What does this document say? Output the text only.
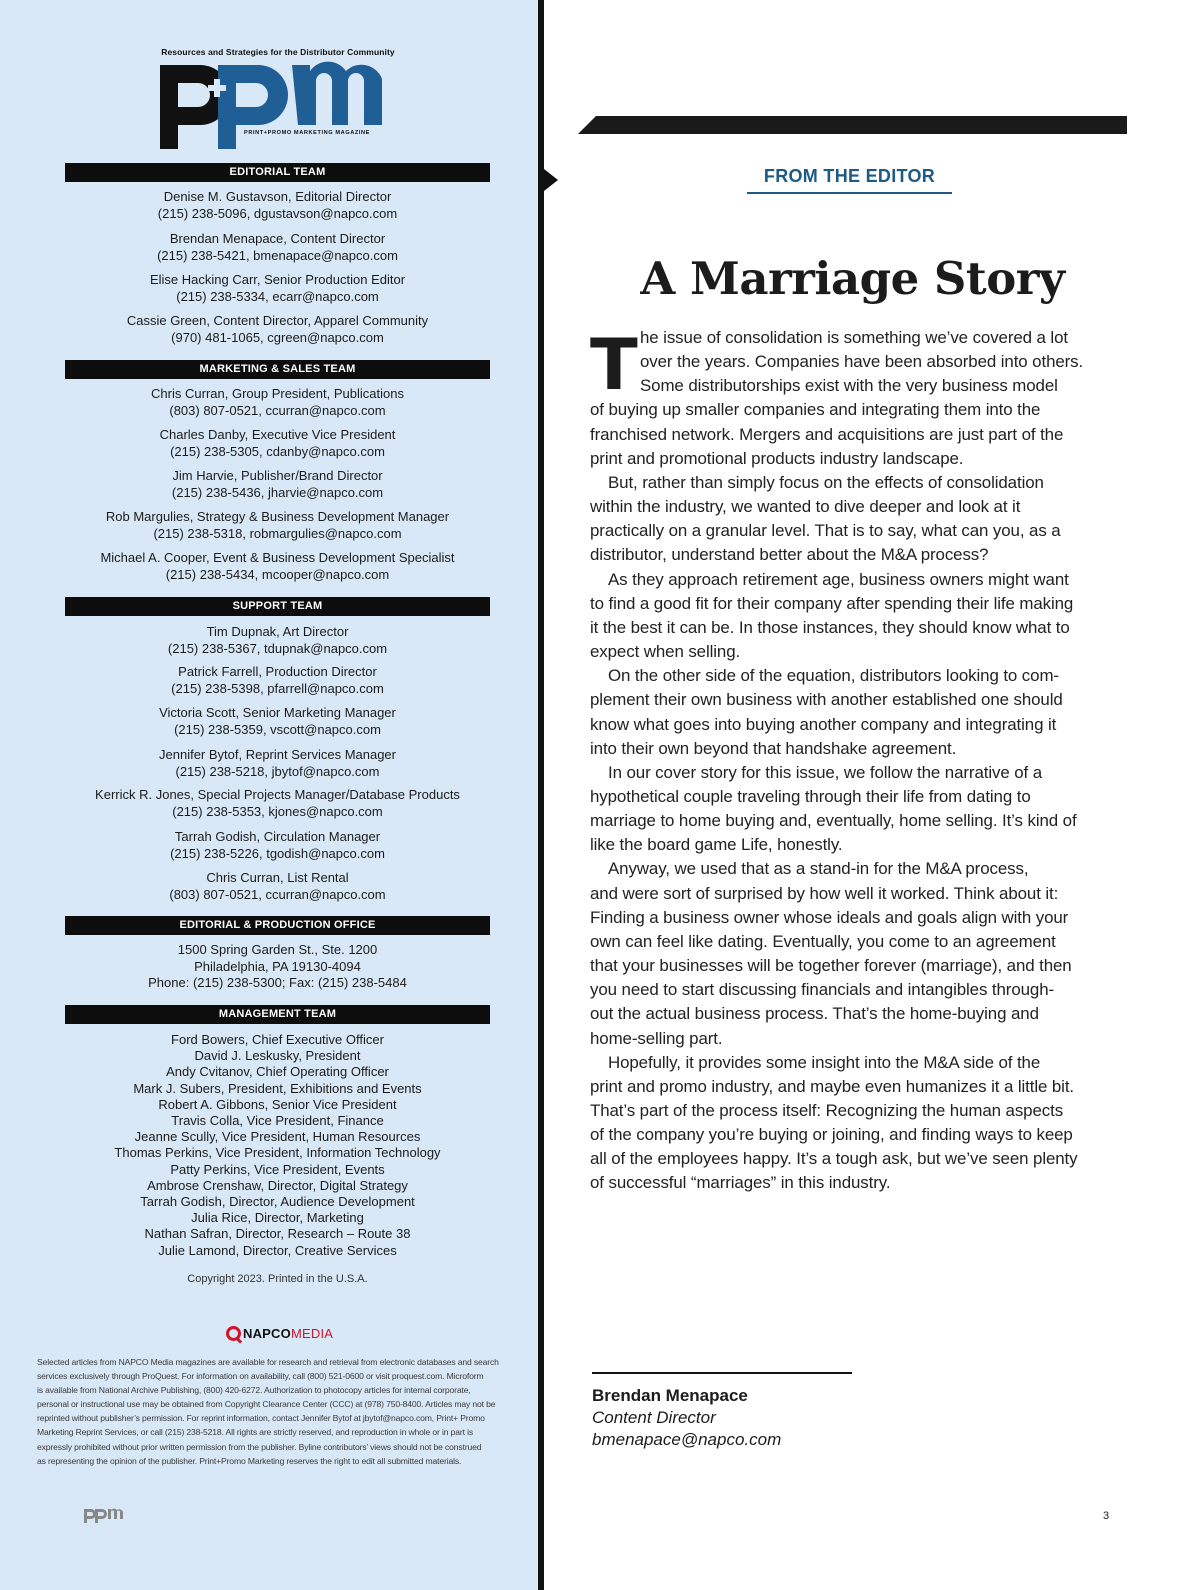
Resources and Strategies for the Distributor Community
PRINT+PROMO MARKETING MAGAZINE
EDITORIAL TEAM
Denise M. Gustavson, Editorial Director
(215) 238-5096, dgustavson@napco.com
Brendan Menapace, Content Director
(215) 238-5421, bmenapace@napco.com
Elise Hacking Carr, Senior Production Editor
(215) 238-5334, ecarr@napco.com
Cassie Green, Content Director, Apparel Community
(970) 481-1065, cgreen@napco.com
MARKETING & SALES TEAM
Chris Curran, Group President, Publications
(803) 807-0521, ccurran@napco.com
Charles Danby, Executive Vice President
(215) 238-5305, cdanby@napco.com
Jim Harvie, Publisher/Brand Director
(215) 238-5436, jharvie@napco.com
Rob Margulies, Strategy & Business Development Manager
(215) 238-5318, robmargulies@napco.com
Michael A. Cooper, Event & Business Development Specialist
(215) 238-5434, mcooper@napco.com
SUPPORT TEAM
Tim Dupnak, Art Director
(215) 238-5367, tdupnak@napco.com
Patrick Farrell, Production Director
(215) 238-5398, pfarrell@napco.com
Victoria Scott, Senior Marketing Manager
(215) 238-5359, vscott@napco.com
Jennifer Bytof, Reprint Services Manager
(215) 238-5218, jbytof@napco.com
Kerrick R. Jones, Special Projects Manager/Database Products
(215) 238-5353, kjones@napco.com
Tarrah Godish, Circulation Manager
(215) 238-5226, tgodish@napco.com
Chris Curran, List Rental
(803) 807-0521, ccurran@napco.com
EDITORIAL & PRODUCTION OFFICE
1500 Spring Garden St., Ste. 1200
Philadelphia, PA 19130-4094
Phone: (215) 238-5300; Fax: (215) 238-5484
MANAGEMENT TEAM
Ford Bowers, Chief Executive Officer
David J. Leskusky, President
Andy Cvitanov, Chief Operating Officer
Mark J. Subers, President, Exhibitions and Events
Robert A. Gibbons, Senior Vice President
Travis Colla, Vice President, Finance
Jeanne Scully, Vice President, Human Resources
Thomas Perkins, Vice President, Information Technology
Patty Perkins, Vice President, Events
Ambrose Crenshaw, Director, Digital Strategy
Tarrah Godish, Director, Audience Development
Julia Rice, Director, Marketing
Nathan Safran, Director, Research – Route 38
Julie Lamond, Director, Creative Services
Copyright 2023. Printed in the U.S.A.
NAPCOMEDIA
Selected articles from NAPCO Media magazines are available for research and retrieval from electronic databases and search
services exclusively through ProQuest. For information on availability, call (800) 521-0600 or visit proquest.com. Microform
is available from National Archive Publishing, (800) 420-6272. Authorization to photocopy articles for internal corporate,
personal or instructional use may be obtained from Copyright Clearance Center (CCC) at (978) 750-8400. Articles may not be
reprinted without publisher’s permission. For reprint information, contact Jennifer Bytof at jbytof@napco.com, Print+ Promo
Marketing Reprint Services, or call (215) 238-5218. All rights are strictly reserved, and reproduction in whole or in part is
expressly prohibited without prior written permission from the publisher. Byline contributors’ views should not be construed
as representing the opinion of the publisher. Print+Promo Marketing reserves the right to edit all submitted materials.
FROM THE EDITOR
A Marriage Story
T he issue of consolidation is something we’ve covered a lot

over the years. Companies have been absorbed into others.

Some distributorships exist with the very business model

of buying up smaller companies and integrating them into the

franchised network. Mergers and acquisitions are just part of the

print and promotional products industry landscape.

But, rather than simply focus on the effects of consolidation

within the industry, we wanted to dive deeper and look at it

practically on a granular level. That is to say, what can you, as a

distributor, understand better about the M&A process?

As they approach retirement age, business owners might want

to find a good fit for their company after spending their life making

it the best it can be. In those instances, they should know what to

expect when selling.

On the other side of the equation, distributors looking to com-

plement their own business with another established one should

know what goes into buying another company and integrating it

into their own beyond that handshake agreement.

In our cover story for this issue, we follow the narrative of a

hypothetical couple traveling through their life from dating to

marriage to home buying and, eventually, home selling. It’s kind of

like the board game Life, honestly.

Anyway, we used that as a stand-in for the M&A process,

and were sort of surprised by how well it worked. Think about it:

Finding a business owner whose ideals and goals align with your

own can feel like dating. Eventually, you come to an agreement

that your businesses will be together forever (marriage), and then

you need to start discussing financials and intangibles through-

out the actual business process. That’s the home-buying and

home-selling part.

Hopefully, it provides some insight into the M&A side of the

print and promo industry, and maybe even humanizes it a little bit.

That’s part of the process itself: Recognizing the human aspects

of the company you’re buying or joining, and finding ways to keep

all of the employees happy. It’s a tough ask, but we’ve seen plenty

of successful “marriages” in this industry.

Brendan Menapace
Content Director
bmenapace@napco.com
3
